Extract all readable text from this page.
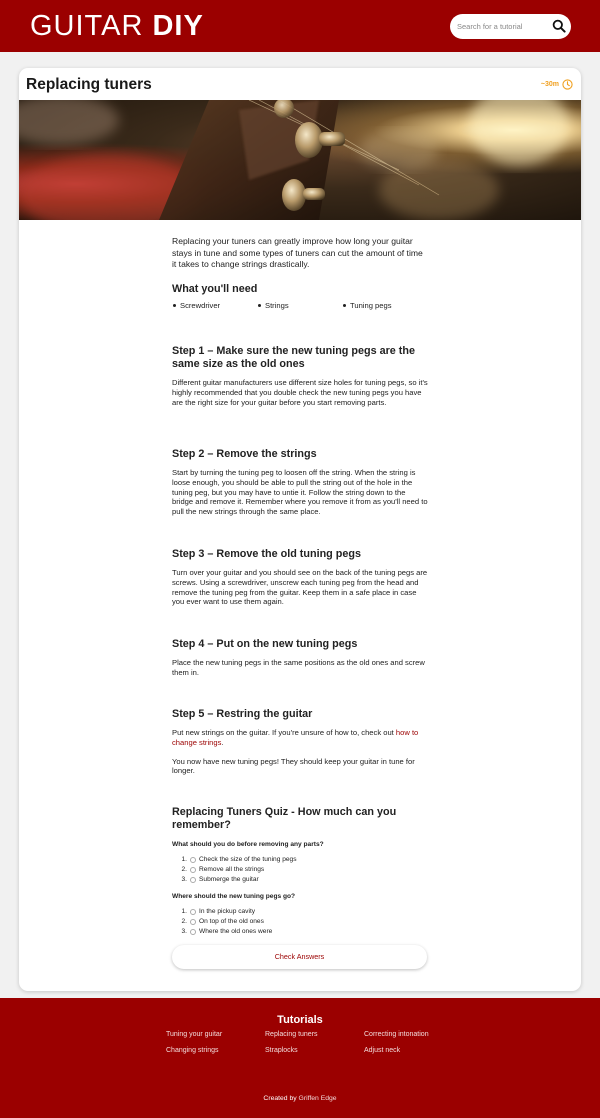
GUITAR DIY
Search for a tutorial
Replacing tuners	~30m

Replacing your tuners can greatly improve how long your guitar stays in tune and some types of tuners can cut the amount of time it takes to change strings drastically.

What you'll need
Screwdriver	Strings	Tuning pegs
Step 1 – Make sure the new tuning pegs are the same size as the old ones

Different guitar manufacturers use different size holes for tuning pegs, so it's highly recommended that you double check the new tuning pegs you have are the right size for your guitar before you start removing parts.

Step 2 – Remove the strings

Start by turning the tuning peg to loosen off the string. When the string is loose enough, you should be able to pull the string out of the hole in the tuning peg, but you may have to untie it. Follow the string down to the bridge and remove it. Remember where you remove it from as you'll need to pull the new strings through the same place.

Step 3 – Remove the old tuning pegs

Turn over your guitar and you should see on the back of the tuning pegs are screws. Using a screwdriver, unscrew each tuning peg from the head and remove the tuning peg from the guitar. Keep them in a safe place in case you ever want to use them again.

Step 4 – Put on the new tuning pegs

Place the new tuning pegs in the same positions as the old ones and screw them in.

Step 5 – Restring the guitar

Put new strings on the guitar. If you're unsure of how to, check out how to change strings.

You now have new tuning pegs! They should keep your guitar in tune for longer.

Replacing Tuners Quiz - How much can you remember?
What should you do before removing any parts?
1.	Check the size of the tuning pegs
2.	Remove all the strings
3.	Submerge the guitar
Where should the new tuning pegs go?
1.	In the pickup cavity
2.	On top of the old ones
3.	Where the old ones were
Check Answers
Tutorials
Tuning your guitar	Replacing tuners	Correcting intonation
Changing strings	Straplocks	Adjust neck
Created by Griffen Edge
